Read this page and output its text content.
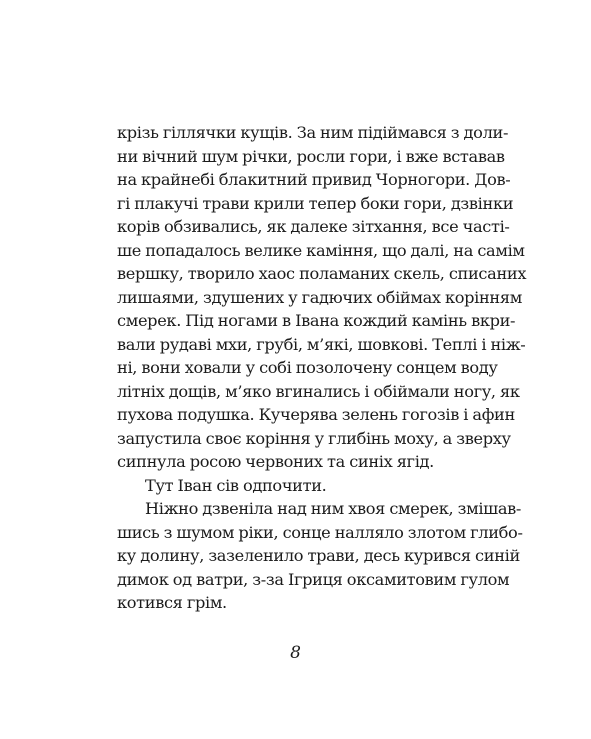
крізь гіллячки кущів. За ним підіймався з доли-
ни вічний шум річки, росли гори, і вже вставав
на крайнебі блакитний привид Чорногори. Дов-
гі плакучі трави крили тепер боки гори, дзвінки
корів обзивались, як далеке зітхання, все часті-
ше попадалось велике каміння, що далі, на самім
вершку, творило хаос поламаних скель, списаних
лишаями, здушених у гадючих обіймах корінням
смерек. Під ногами в Івана кождий камінь вкри-
вали рудаві мхи, грубі, м’які, шовкові. Теплі і ніж-
ні, вони ховали у собі позолочену сонцем воду
літніх дощів, м’яко вгинались і обіймали ногу, як
пухова подушка. Кучерява зелень гогозів і афин
запустила своє коріння у глибінь моху, а зверху
сипнула росою червоних та синіх ягід.
Тут Іван сів одпочити.
Ніжно дзвеніла над ним хвоя смерек, змішав-
шись з шумом ріки, сонце налляло злотом глибо-
ку долину, зазеленило трави, десь курився синій
димок од ватри, з-за Ігриця оксамитовим гулом
котився грім.
8
